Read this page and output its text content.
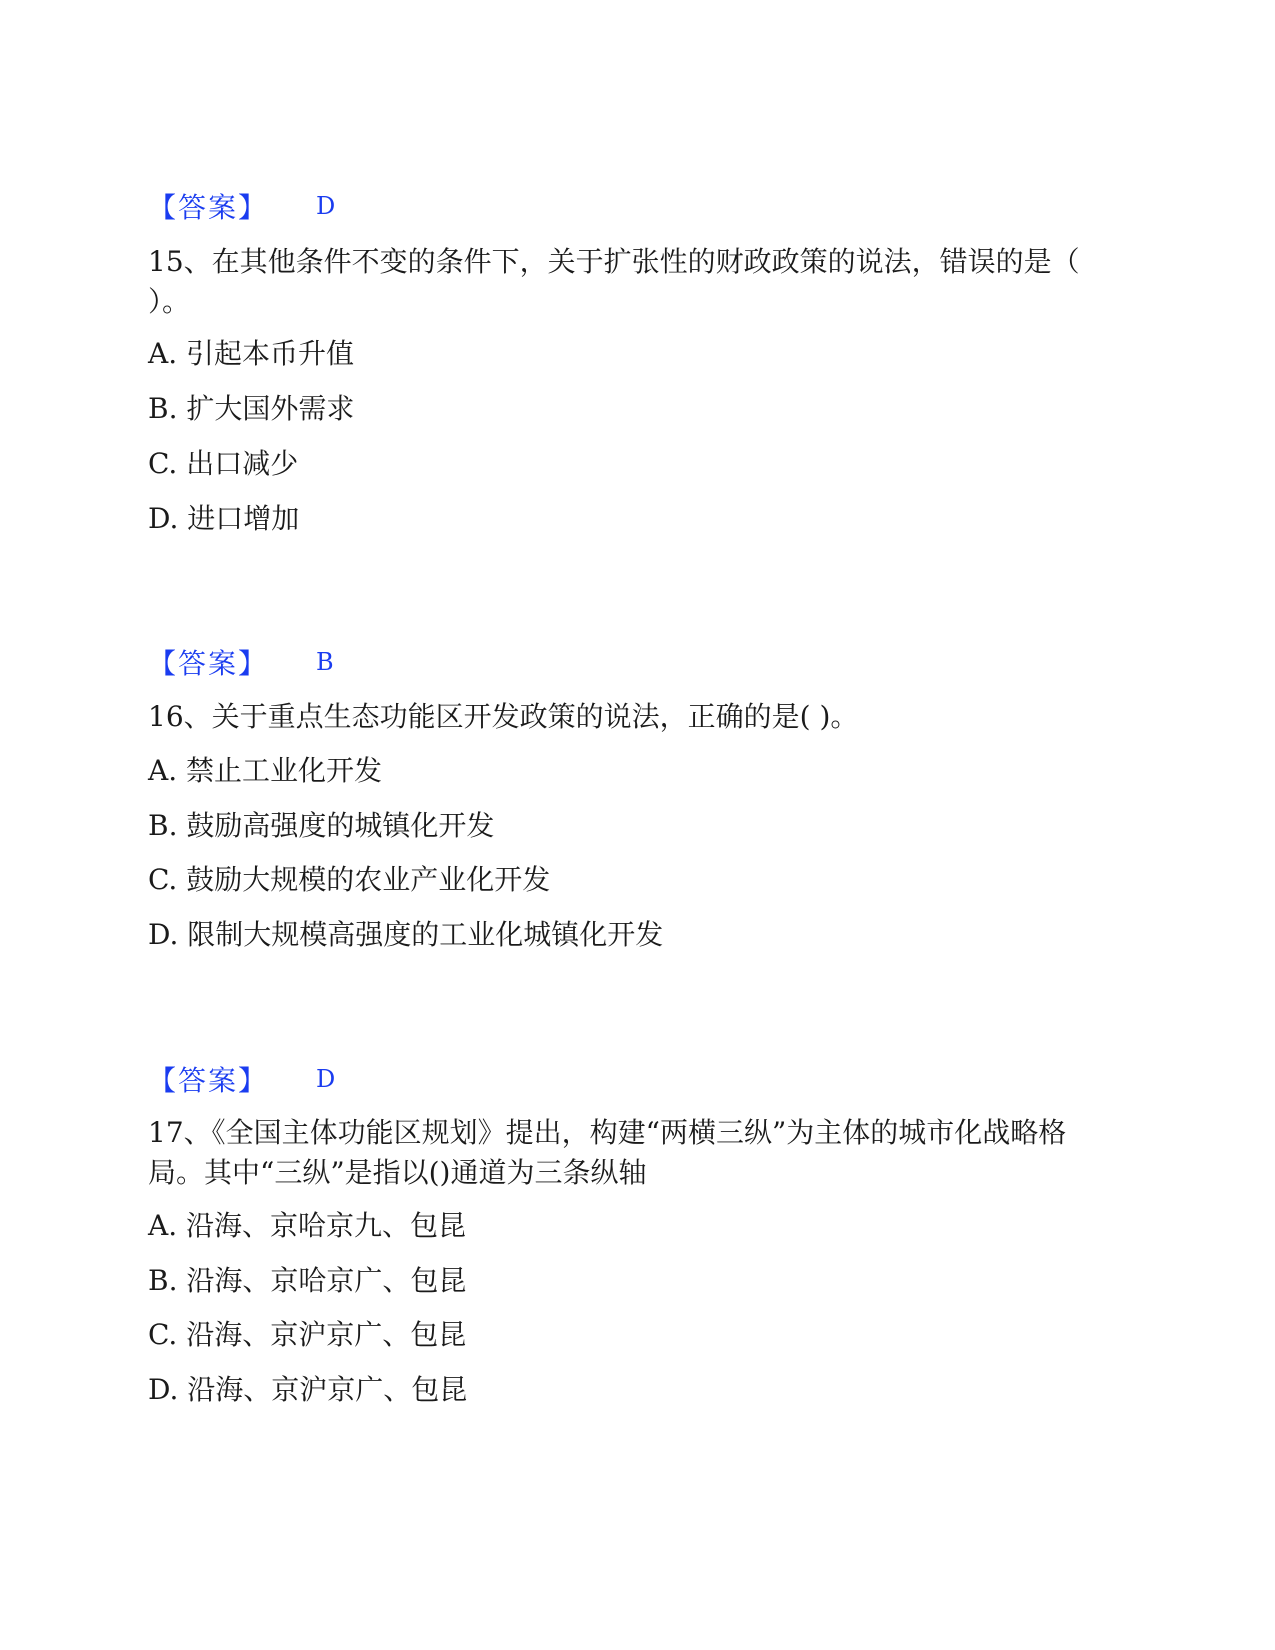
【答案】 D
15、在其他条件不变的条件下，关于扩张性的财政政策的说法，错误的是（
）。
A. 引起本币升值
B. 扩大国外需求
C. 出口减少
D. 进口增加
【答案】 B
16、关于重点生态功能区开发政策的说法，正确的是( )。
A. 禁止工业化开发
B. 鼓励高强度的城镇化开发
C. 鼓励大规模的农业产业化开发
D. 限制大规模高强度的工业化城镇化开发
【答案】 D
17、《全国主体功能区规划》提出，构建“两横三纵”为主体的城市化战略格
局。其中“三纵”是指以()通道为三条纵轴
A. 沿海、京哈京九、包昆
B. 沿海、京哈京广、包昆
C. 沿海、京沪京广、包昆
D. 沿海、京沪京广、包昆
